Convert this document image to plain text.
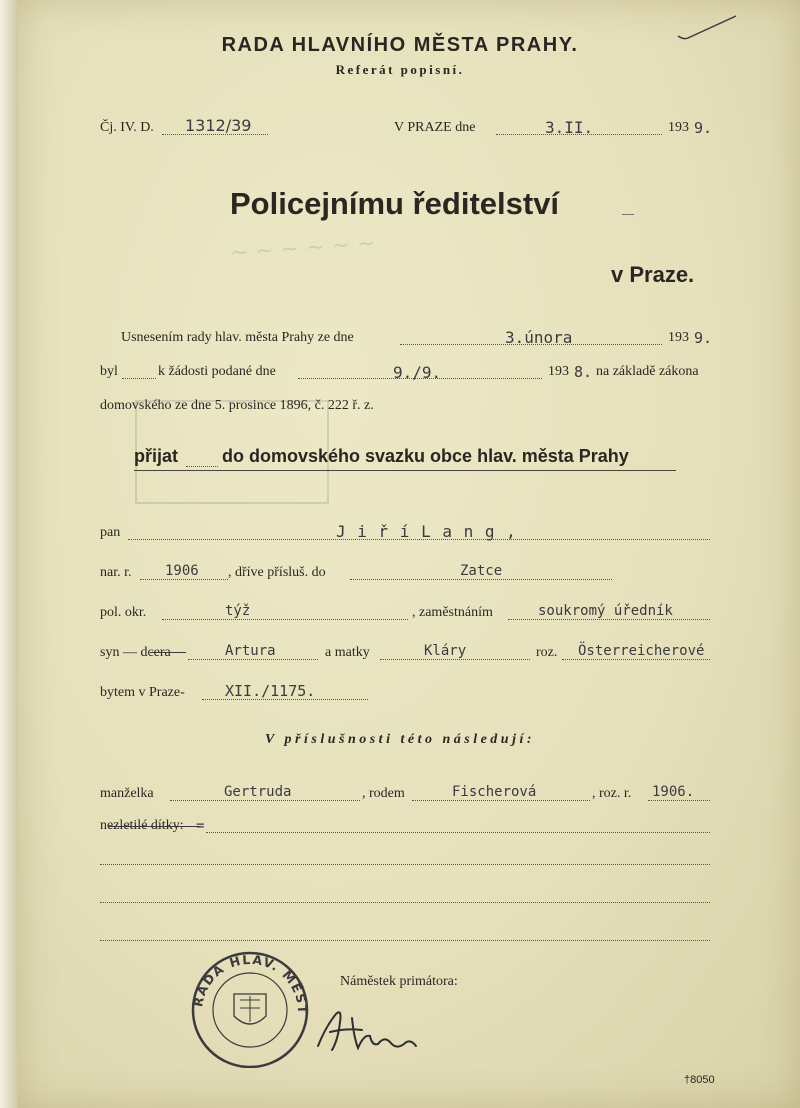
~ ~ ~ ~ ~ ~
RADA HLAVNÍHO MĚSTA PRAHY.
Referát popisní.
Čj. IV. D. 1312/39	V PRAZE dne	3.II.	193 9.
Policejnímu ředitelství
v Praze.
Usnesením rady hlav. města Prahy ze dne	3.února	193 9.
byl	k žádosti podané dne	9./9.	193 8. na základě zákona
domovského ze dne 5. prosince 1896, č. 222 ř. z.
přijat do domovského svazku obce hlav. města Prahy
pan	J i ř í L a n g ,
nar. r. 1906 , dříve přísluš. do	Zatce
pol. okr.	týž	, zaměstnáním	soukromý úředník
syn — dcera	Artura	a matky	Kláry	roz. Österreicherové
bytem v Praze-	XII./1175.
V příslušnosti této následují:
manželka	Gertruda	, rodem	Fischerová	, roz. r. 1906.
nezletilé dítky: =
RADA HLAV. MĚST
Náměstek primátora:
†8050
